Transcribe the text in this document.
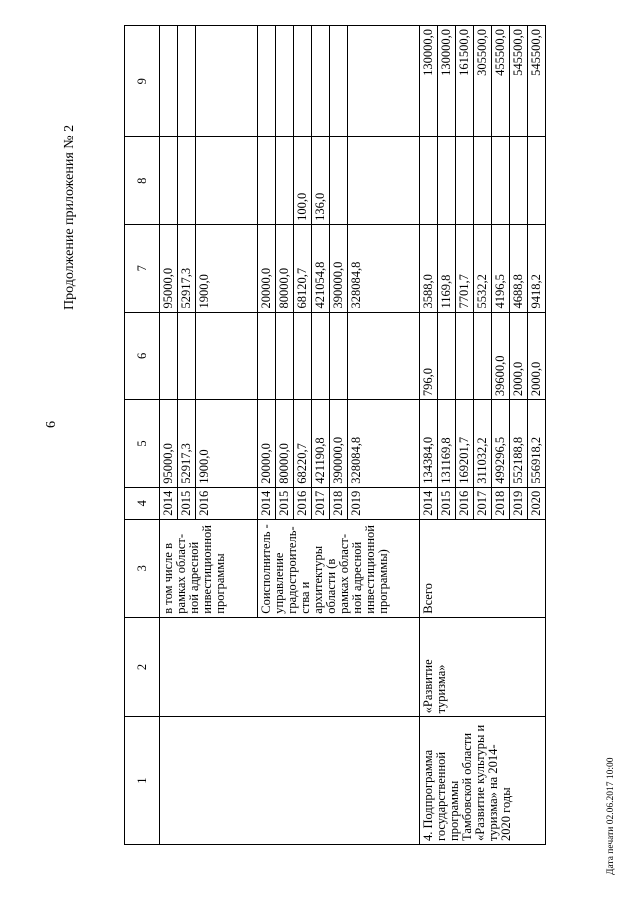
6
Продолжение приложения № 2
Дата печати 02.06.2017 10:00
1	2	3	4	5	6	7	8	9
		в том числе в рамках област-ной адресной инвестиционной программы	2014	95000,0		95000,0		
			2015	52917,3		52917,3		
			2016	1900,0		1900,0		
		Соисполнитель - управление градостроитель-ства и архитектуры области (в рамках област-ной адресной инвестиционной программы)	2014	20000,0		20000,0		
			2015	80000,0		80000,0		
			2016	68220,7		68120,7	100,0	
			2017	421190,8		421054,8	136,0	
			2018	390000,0		390000,0		
			2019	328084,8		328084,8		
4. Подпрограмма государственной программы Тамбовской области «Развитие культуры и туризма» на 2014-2020 годы	«Развитие туризма»	Всего	2014	134384,0	796,0	3588,0		130000,0
			2015	131169,8		1169,8		130000,0
			2016	169201,7		7701,7		161500,0
			2017	311032,2		5532,2		305500,0
			2018	499296,5	39600,0	4196,5		455500,0
			2019	552188,8	2000,0	4688,8		545500,0
			2020	556918,2	2000,0	9418,2		545500,0
